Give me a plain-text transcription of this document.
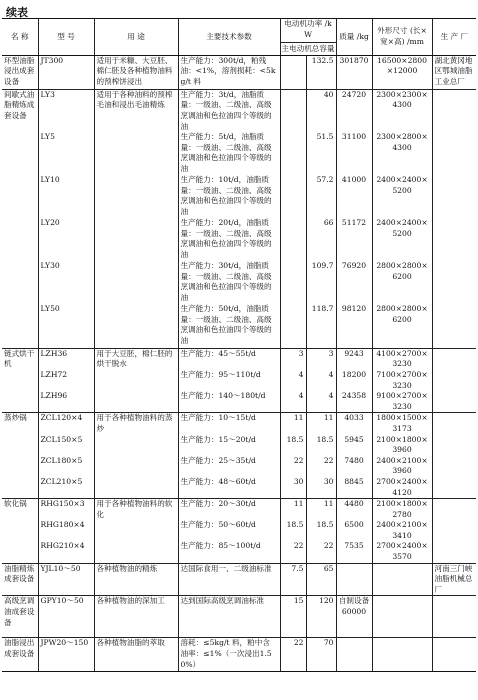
续表
名 称	型 号	用 途	主要技术参数	电动机功率 /kW
主电动机总容量		质量 /kg	外形尺寸 (长×宽×高) /mm	生 产 厂
环型油脂浸出成套设备	JT300	适用于米糠、大豆胚、棉仁胚及各种植物油料的预榨饼浸出	生产能力：300t/d，粕残油：<1%，溶剂损耗：<5kg/t 料		132.5	301870	16500×2800×12000	湖北黄冈地区鄂城油脂工业总厂
间歇式油脂精炼成套设备	LY3	适用于各种油料的预榨毛油和浸出毛油精炼	生产能力：3t/d，油脂质量：一级油、二级油、高级烹调油和色拉油四个等级的油		40	24720	2300×2300×4300	
	LY5		生产能力：5t/d，油脂质量：一级油、二级油、高级烹调油和色拉油四个等级的油		51.5	31100	2300×2800×4300	
	LY10		生产能力：10t/d，油脂质量：一级油、二级油、高级烹调油和色拉油四个等级的油		57.2	41000	2400×2400×5200	
	LY20		生产能力：20t/d，油脂质量：一级油、二级油、高级烹调油和色拉油四个等级的油		66	51172	2400×2400×5200	
	LY30		生产能力：30t/d，油脂质量：一级油、二级油、高级烹调油和色拉油四个等级的油		109.7	76920	2800×2800×6200	
	LY50		生产能力：50t/d，油脂质量：一级油、二级油、高级烹调油和色拉油四个等级的油		118.7	98120	2800×2800×6200	
链式烘干机	LZH36	用于大豆胚，棉仁胚的烘干脱水	生产能力：45～55t/d	3	3	9243	4100×2700×3230	
	LZH72		生产能力：95～110t/d	4	4	18200	7100×2700×3230	
	LZH96		生产能力：140～180t/d	4	4	24358	9100×2700×3230	
蒸炒锅	ZCL120×4	用于各种植物油料的蒸炒	生产能力：10～15t/d	11	11	4033	1800×1500×3173	
	ZCL150×5		生产能力：15～20t/d	18.5	18.5	5945	2100×1800×3960	
	ZCL180×5		生产能力：25～35t/d	22	22	7480	2400×2100×3960	
	ZCL210×5		生产能力：48～60t/d	30	30	8845	2700×2400×4120	
软化锅	RHG150×3	用于各种植物油料的软化	生产能力：20～30t/d	11	11	4480	2100×1800×2780	
	RHG180×4		生产能力：50～60t/d	18.5	18.5	6500	2400×2100×3410	
	RHG210×4		生产能力：85～100t/d	22	22	7535	2700×2400×3570	
油脂精炼成套设备	YJL10～50	各种植物油的精炼	达国际食用一、二级油标准	7.5	65			河南三门峡油脂机械总厂
高级烹调油成套设备	GPY10～50	各种植物油的深加工	达到国际高级烹调油标准	15	120	自制设备 60000		
油脂浸出成套设备	JPW20～150	各种植物油脂的萃取	溶耗：≤5kg/t 料，粕中含油率：≤1%（一次浸出1.50%）	22	70			
